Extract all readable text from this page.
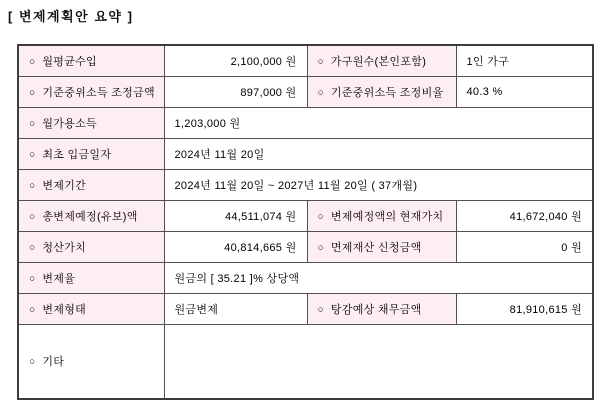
[ 변제계획안 요약 ]
○ 월평균수입	2,100,000 원	○ 가구원수(본인포함)	1인 가구
○ 기준중위소득 조정금액	897,000 원	○ 기준중위소득 조정비율	40.3 %
○ 월가용소득	1,203,000 원		
○ 최초 입금일자	2024년 11월 20일		
○ 변제기간	2024년 11월 20일 ~ 2027년 11월 20일 ( 37개월)		
○ 총변제예정(유보)액	44,511,074 원	○ 변제예정액의 현재가치	41,672,040 원
○ 청산가치	40,814,665 원	○ 면제재산 신청금액	0 원
○ 변제율	원금의 [ 35.21 ]% 상당액		
○ 변제형태	원금변제	○ 탕감예상 채무금액	81,910,615 원
○ 기타			
